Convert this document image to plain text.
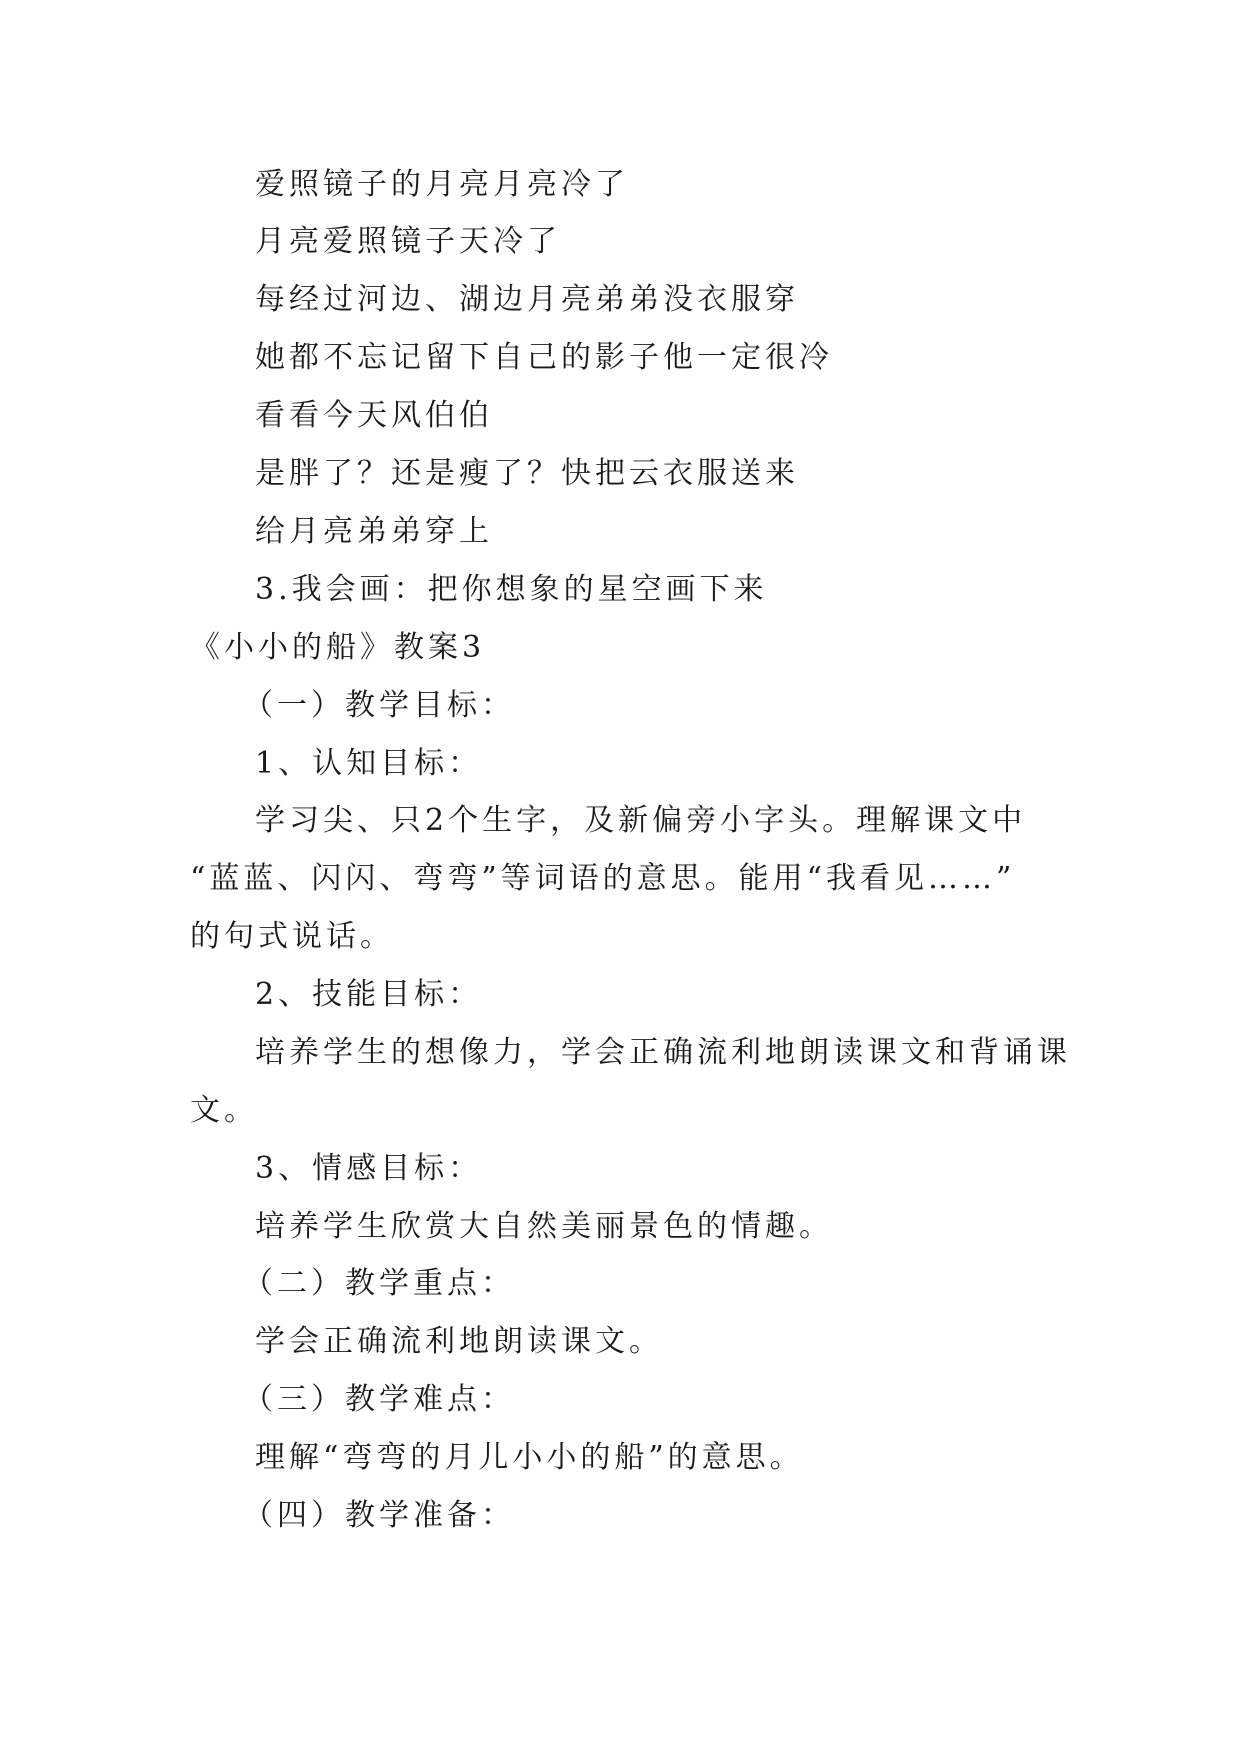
爱照镜子的月亮月亮冷了
月亮爱照镜子天冷了
每经过河边、湖边月亮弟弟没衣服穿
她都不忘记留下自己的影子他一定很冷
看看今天风伯伯
是胖了？还是瘦了？快把云衣服送来
给月亮弟弟穿上
3.我会画：把你想象的星空画下来
《小小的船》教案3
（一）教学目标：
1、认知目标：
学习尖、只2个生字，及新偏旁小字头。理解课文中
“蓝蓝、闪闪、弯弯”等词语的意思。能用“我看见……”
的句式说话。
2、技能目标：
培养学生的想像力，学会正确流利地朗读课文和背诵课
文。
3、情感目标：
培养学生欣赏大自然美丽景色的情趣。
（二）教学重点：
学会正确流利地朗读课文。
（三）教学难点：
理解“弯弯的月儿小小的船”的意思。
（四）教学准备：
